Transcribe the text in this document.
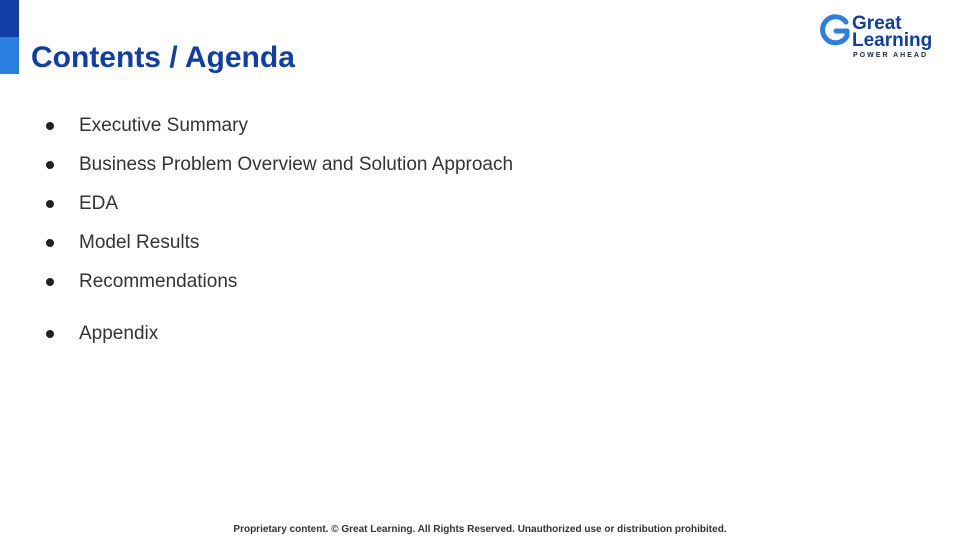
Contents / Agenda
Great
Learning
POWER AHEAD
Executive Summary
Business Problem Overview and Solution Approach
EDA
Model Results
Recommendations
Appendix
Proprietary content. © Great Learning. All Rights Reserved. Unauthorized use or distribution prohibited.
